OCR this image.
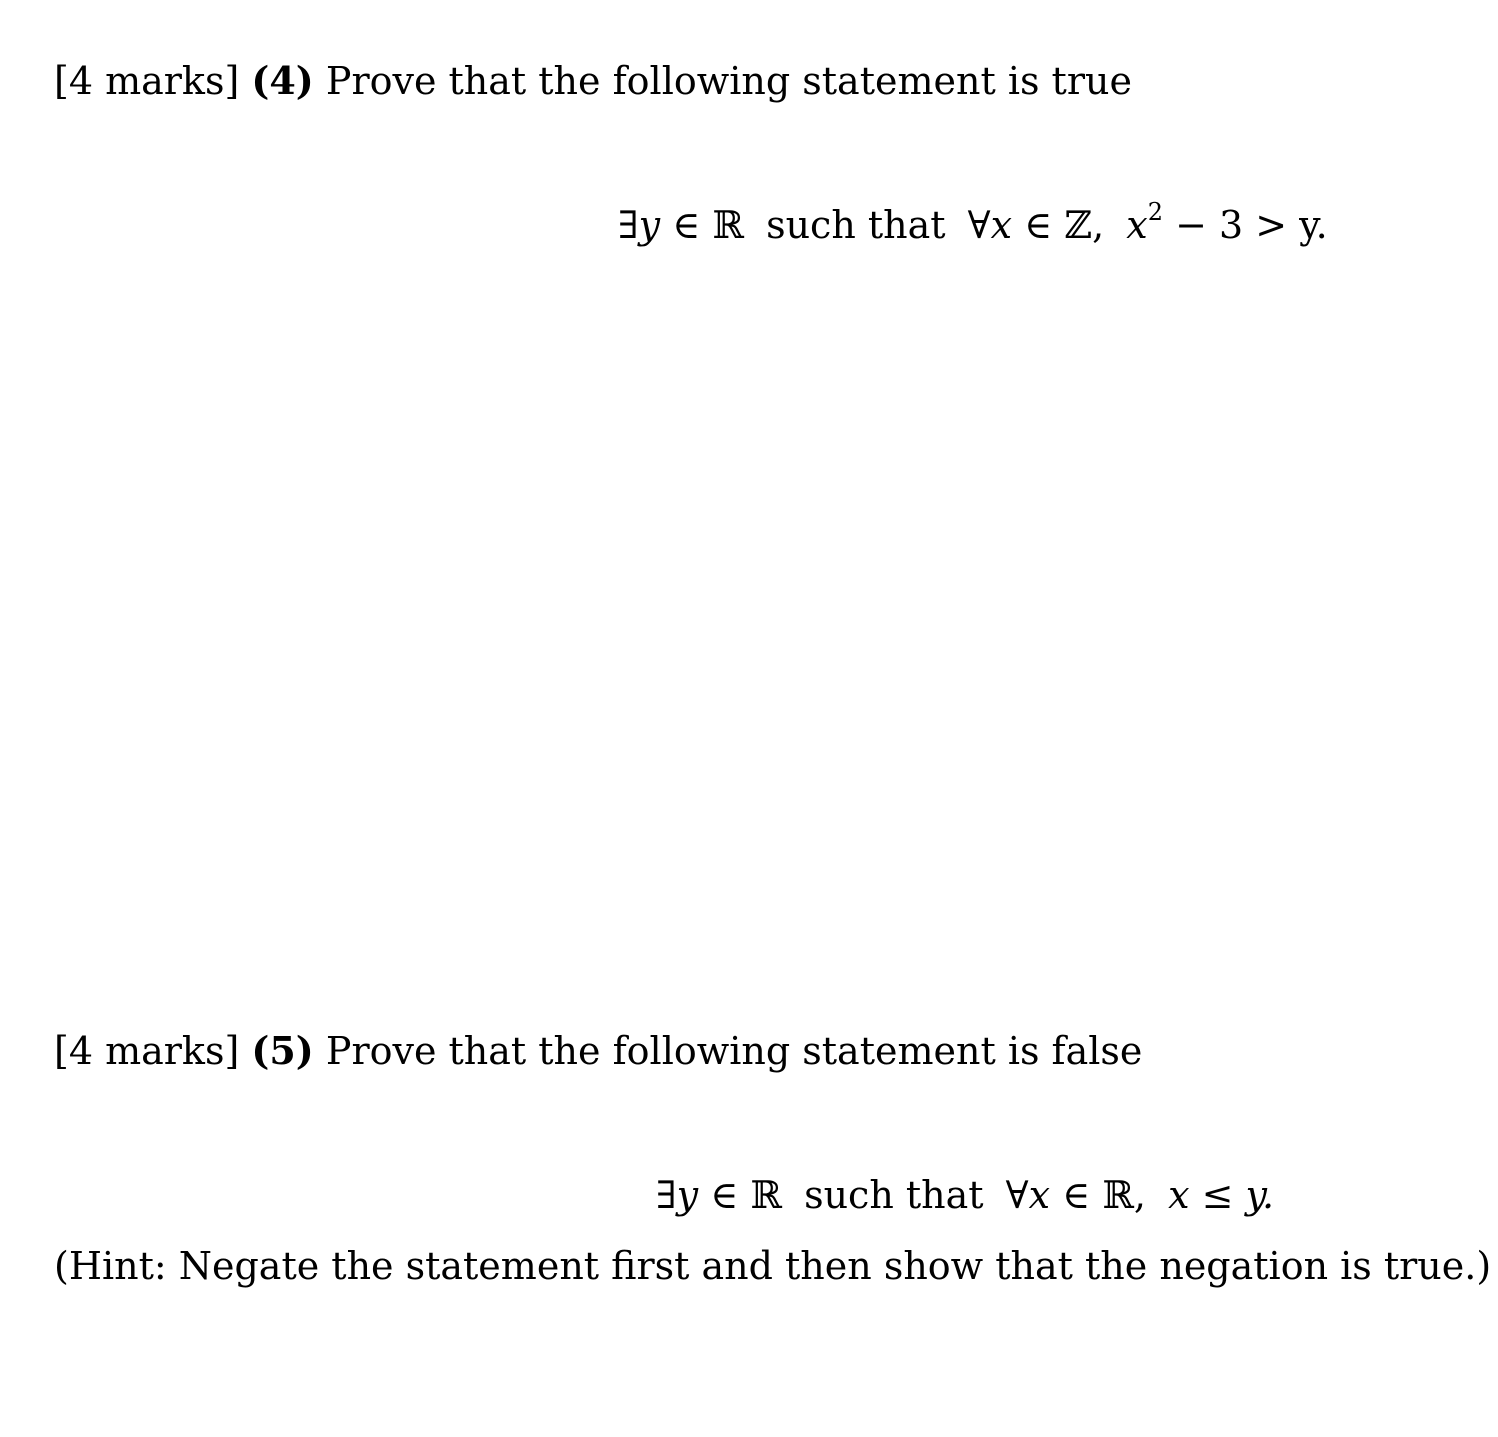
[4 marks] (4) Prove that the following statement is true
∃y ∈ ℝ such that ∀x ∈ ℤ, $x^2 - 3 > y$.
[4 marks] (5) Prove that the following statement is false
∃y ∈ ℝ such that ∀x ∈ ℝ, x ≤ y.
(Hint: Negate the statement first and then show that the negation is true.)
